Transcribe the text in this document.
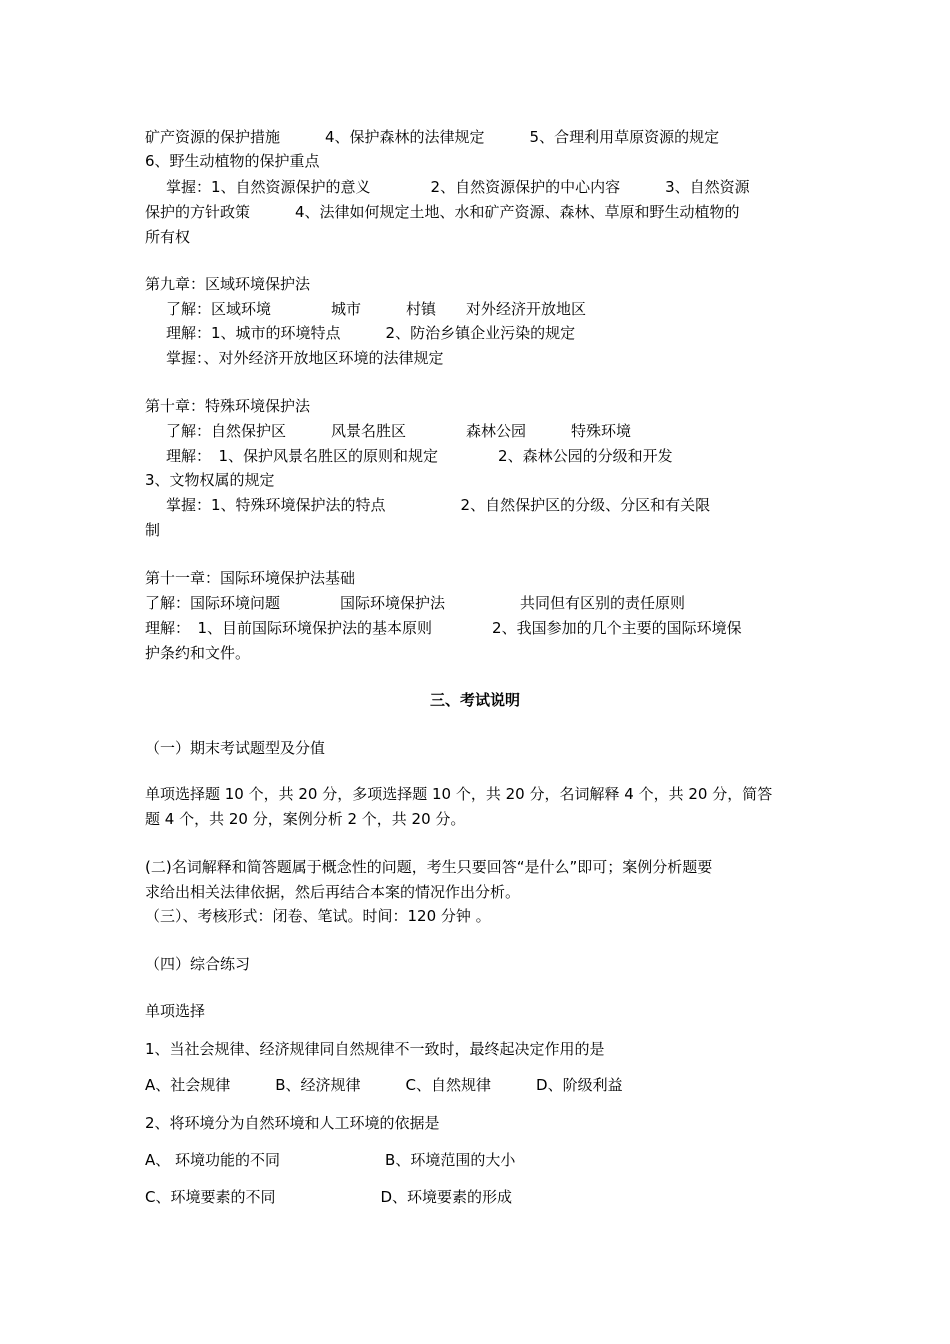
矿产资源的保护措施　　　4、保护森林的法律规定　　　5、合理利用草原资源的规定
6、野生动植物的保护重点
掌握：1、自然资源保护的意义　　　　2、自然资源保护的中心内容　　　3、自然资源
保护的方针政策　　　4、法律如何规定土地、水和矿产资源、森林、草原和野生动植物的
所有权
第九章：区域环境保护法
了解：区域环境　　　　城市　　　村镇　　对外经济开放地区
理解：1、城市的环境特点　　　2、防治乡镇企业污染的规定
掌握：、对外经济开放地区环境的法律规定
第十章：特殊环境保护法
了解：自然保护区　　　风景名胜区　　　　森林公园　　　特殊环境
理解：　1、保护风景名胜区的原则和规定　　　　2、森林公园的分级和开发
3、文物权属的规定
掌握：1、特殊环境保护法的特点　　　　　2、自然保护区的分级、分区和有关限
制
第十一章：国际环境保护法基础
了解：国际环境问题　　　　国际环境保护法　　　　　共同但有区别的责任原则
理解：　1、目前国际环境保护法的基本原则　　　　2、我国参加的几个主要的国际环境保
护条约和文件。
三、考试说明
（一）期末考试题型及分值
单项选择题 10 个，共 20 分，多项选择题 10 个，共 20 分，名词解释 4 个，共 20 分，简答
题 4 个，共 20 分，案例分析 2 个，共 20 分。
(二)名词解释和简答题属于概念性的问题，考生只要回答“是什么”即可；案例分析题要
求给出相关法律依据，然后再结合本案的情况作出分析。
（三）、考核形式：闭卷、笔试。时间：120 分钟 。
（四）综合练习
单项选择
1、当社会规律、经济规律同自然规律不一致时，最终起决定作用的是
A、社会规律　　　B、经济规律　　　C、自然规律　　　D、阶级利益
2、将环境分为自然环境和人工环境的依据是
A、 环境功能的不同　　　　　　　B、环境范围的大小
C、环境要素的不同　　　　　　　D、环境要素的形成
